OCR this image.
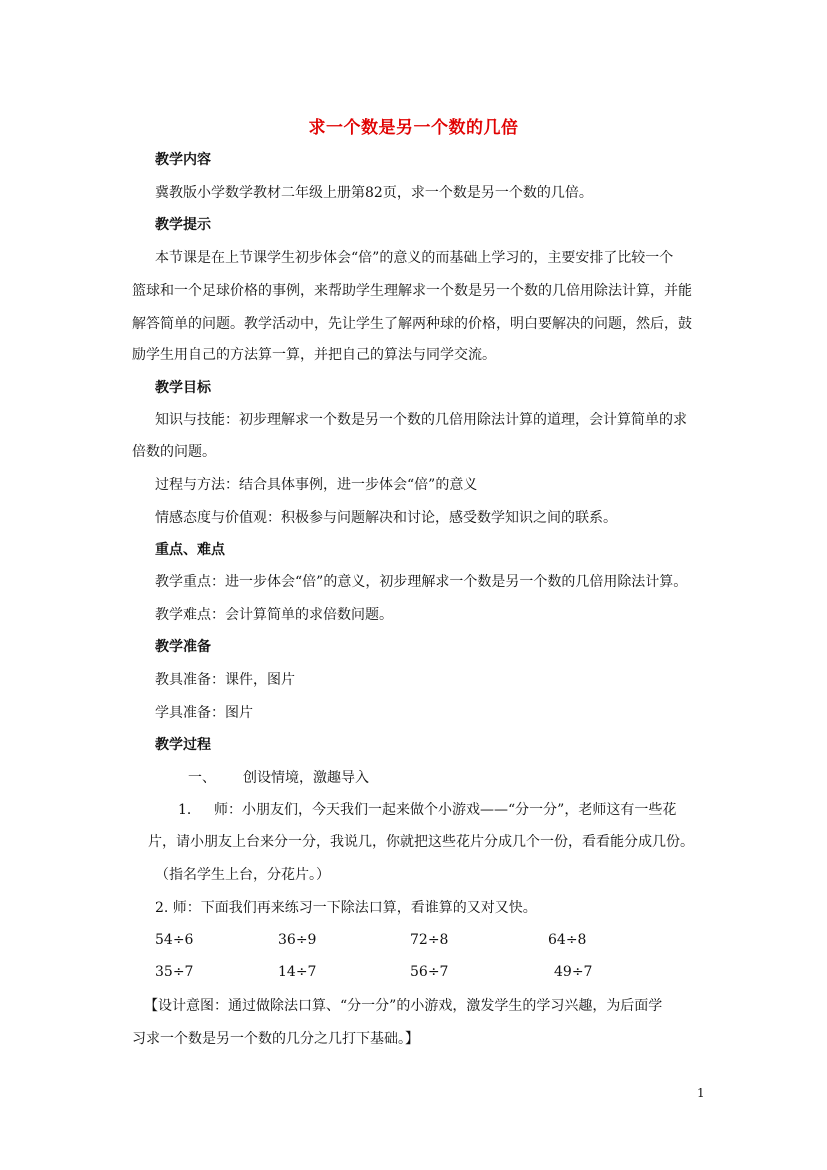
求一个数是另一个数的几倍
教学内容
冀教版小学数学教材二年级上册第82页，求一个数是另一个数的几倍。
教学提示
本节课是在上节课学生初步体会“倍”的意义的而基础上学习的，主要安排了比较一个
篮球和一个足球价格的事例，来帮助学生理解求一个数是另一个数的几倍用除法计算，并能
解答简单的问题。教学活动中，先让学生了解两种球的价格，明白要解决的问题，然后，鼓
励学生用自己的方法算一算，并把自己的算法与同学交流。
教学目标
知识与技能：初步理解求一个数是另一个数的几倍用除法计算的道理，会计算简单的求
倍数的问题。
过程与方法：结合具体事例，进一步体会“倍”的意义
情感态度与价值观：积极参与问题解决和讨论，感受数学知识之间的联系。
重点、难点
教学重点：进一步体会“倍”的意义，初步理解求一个数是另一个数的几倍用除法计算。
教学难点：会计算简单的求倍数问题。
教学准备
教具准备：课件，图片
学具准备：图片
教学过程
一、 创设情境，激趣导入
1． 师：小朋友们，今天我们一起来做个小游戏——“分一分”，老师这有一些花
片，请小朋友上台来分一分，我说几，你就把这些花片分成几个一份，看看能分成几份。
（指名学生上台，分花片。）
2. 师：下面我们再来练习一下除法口算，看谁算的又对又快。
54÷6	36÷9	72÷8	64÷8
35÷7	14÷7	56÷7	49÷7
【设计意图：通过做除法口算、“分一分”的小游戏，激发学生的学习兴趣，为后面学
习求一个数是另一个数的几分之几打下基础。】
1
